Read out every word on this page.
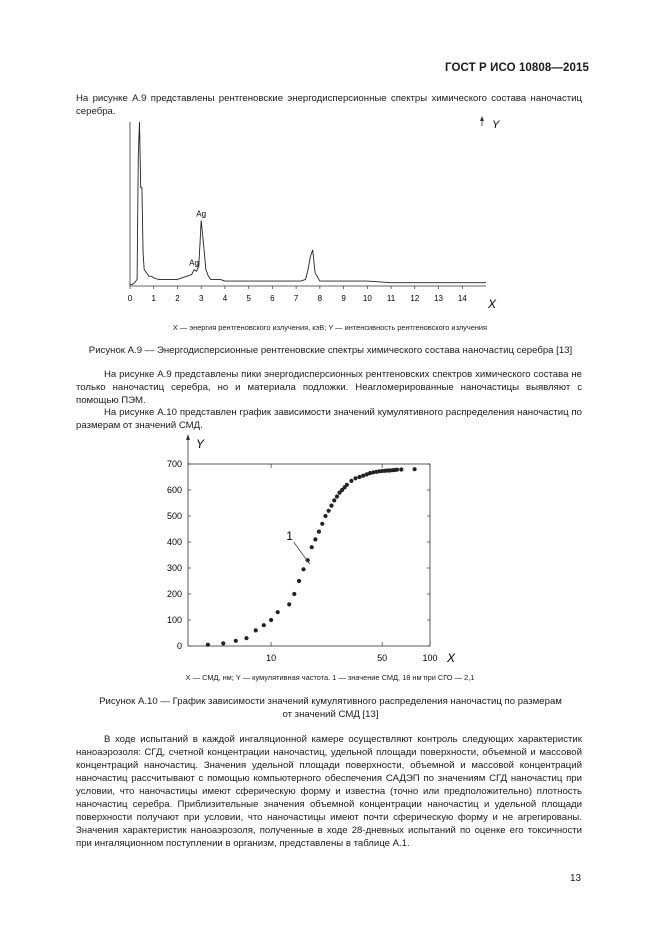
ГОСТ Р ИСО 10808—2015
На рисунке А.9 представлены рентгеновские энергодисперсионные спектры химического состава наночастиц серебра.
Y
X
0 1 2 3 4 5 6 7 8 9 10 11 12 13 14
Ag
Ag
X — энергия рентгеновского излучения, кэВ; Y — интенсивность рентгеновского излучения
Рисунок А.9 — Энергодисперсионные рентгеновские спектры химического состава наночастиц серебра [13]
На рисунке А.9 представлены пики энергодисперсионных рентгеновских спектров химического состава не только наночастиц серебра, но и материала подложки. Неагломерированные наночастицы выявляют с помощью ПЭМ.
На рисунке А.10 представлен график зависимости значений кумулятивного распределения наночастиц по размерам от значений СМД.
Y
X
0
100
200
300
400
500
600
700
10	50	100
1
X — СМД, нм; Y — кумулятивная частота. 1 — значение СМД, 18 нм при СГО — 2,1
Рисунок А.10 — График зависимости значений кумулятивного распределения наночастиц по размерам
от значений СМД [13]
В ходе испытаний в каждой ингаляционной камере осуществляют контроль следующих характеристик наноаэрозоля: СГД, счетной концентрации наночастиц, удельной площади поверхности, объемной и массовой концентраций наночастиц. Значения удельной площади поверхности, объемной и массовой концентраций наночастиц рассчитывают с помощью компьютерного обеспечения САДЭП по значениям СГД наночастиц при условии, что наночастицы имеют сферическую форму и известна (точно или предположительно) плотность наночастиц серебра. Приблизительные значения объемной концентрации наночастиц и удельной площади поверхности получают при условии, что наночастицы имеют почти сферическую форму и не агрегированы. Значения характеристик наноаэрозоля, полученные в ходе 28-дневных испытаний по оценке его токсичности при ингаляционном поступлении в организм, представлены в таблице А.1.
13
